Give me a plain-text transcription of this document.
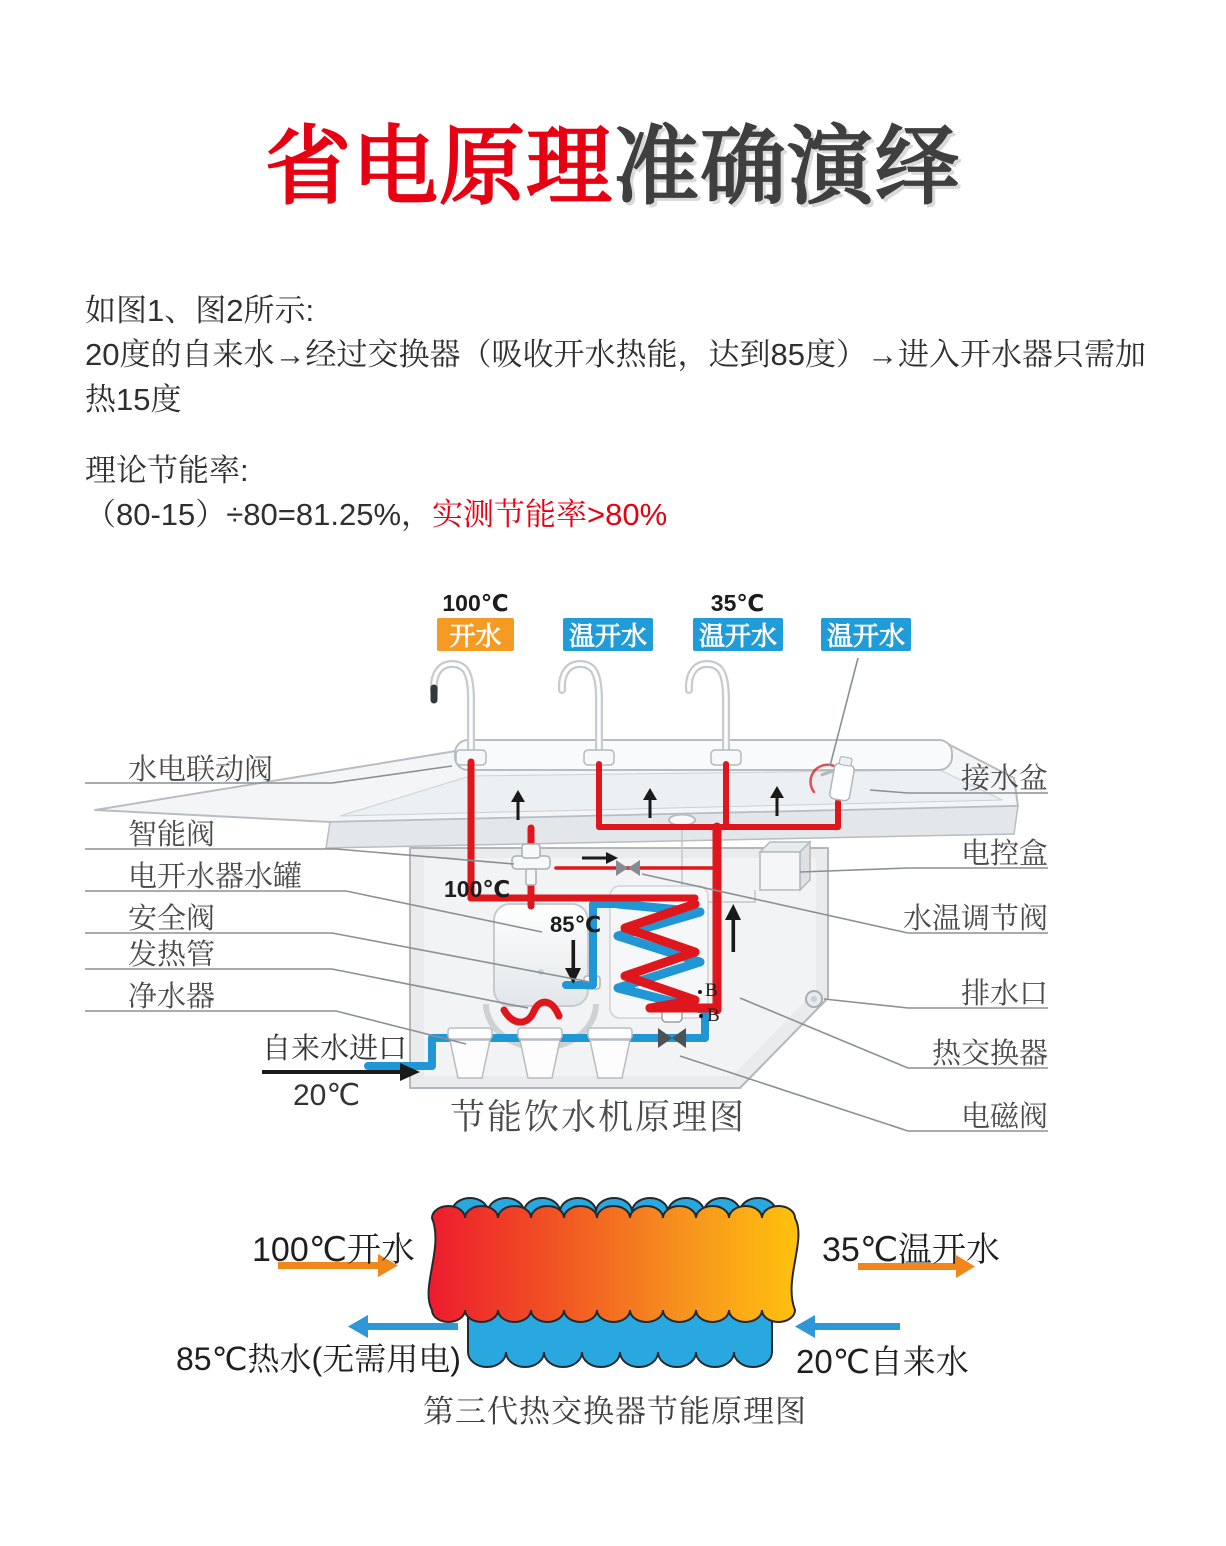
省电原理准确演绎
如图1、图2所示:
20度的自来水→经过交换器（吸收开水热能，达到85度）→进入开水器只需加热15度
理论节能率:
（80-15）÷80=81.25%，实测节能率>80%
100℃	35℃
开水	温开水 温开水 温开水
水电联动阀
智能阀
电开水器水罐
安全阀
发热管
净水器
接水盆
电控盒
水温调节阀
排水口
热交换器
电磁阀
自来水进口
20℃
100℃
85℃
B
B
节能饮水机原理图
100℃开水	35℃温开水
85℃热水(无需用电)	20℃自来水
第三代热交换器节能原理图
